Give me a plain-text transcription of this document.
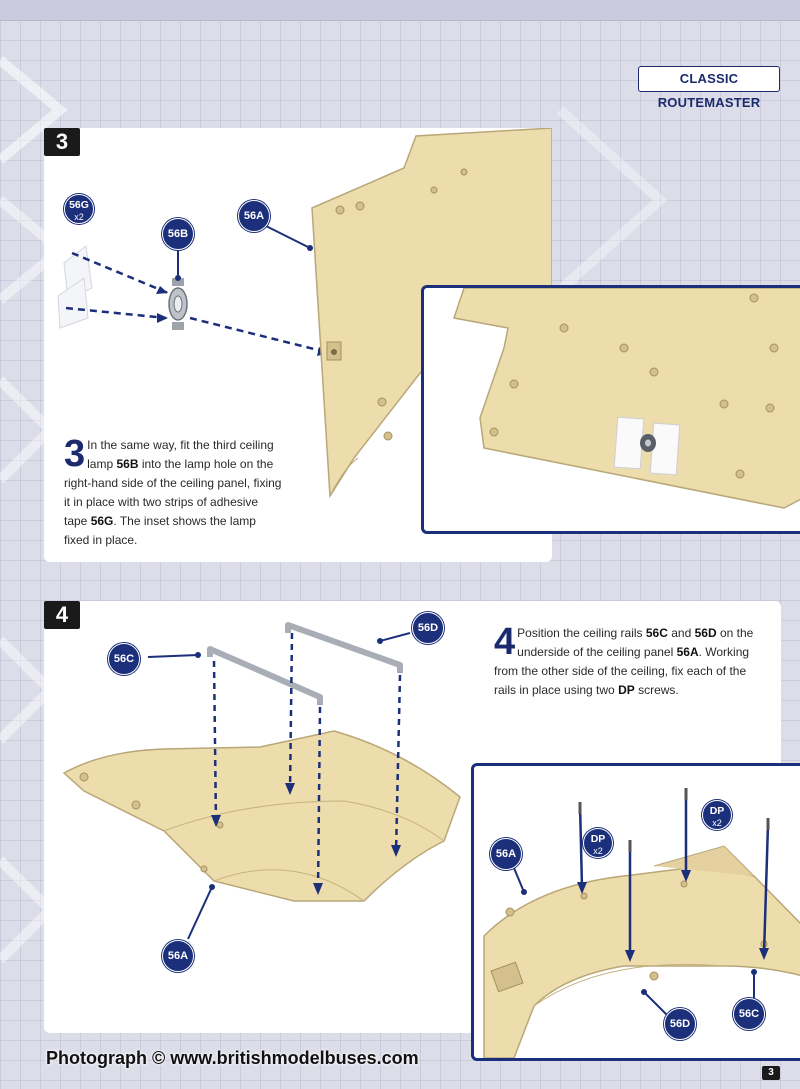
CLASSIC ROUTEMASTER
3
56G
x2
56B
56A
3 In the same way, fit the third ceiling lamp 56B into the lamp hole on the right-hand side of the ceiling panel, fixing it in place with two strips of adhesive tape 56G. The inset shows the lamp fixed in place.
4
56C
56D
56A
4 Position the ceiling rails 56C and 56D on the underside of the ceiling panel 56A. Working from the other side of the ceiling, fix each of the rails in place using two DP screws.
56A
DP
x2
DP
x2
56D
56C
Photograph © www.britishmodelbuses.com
3
